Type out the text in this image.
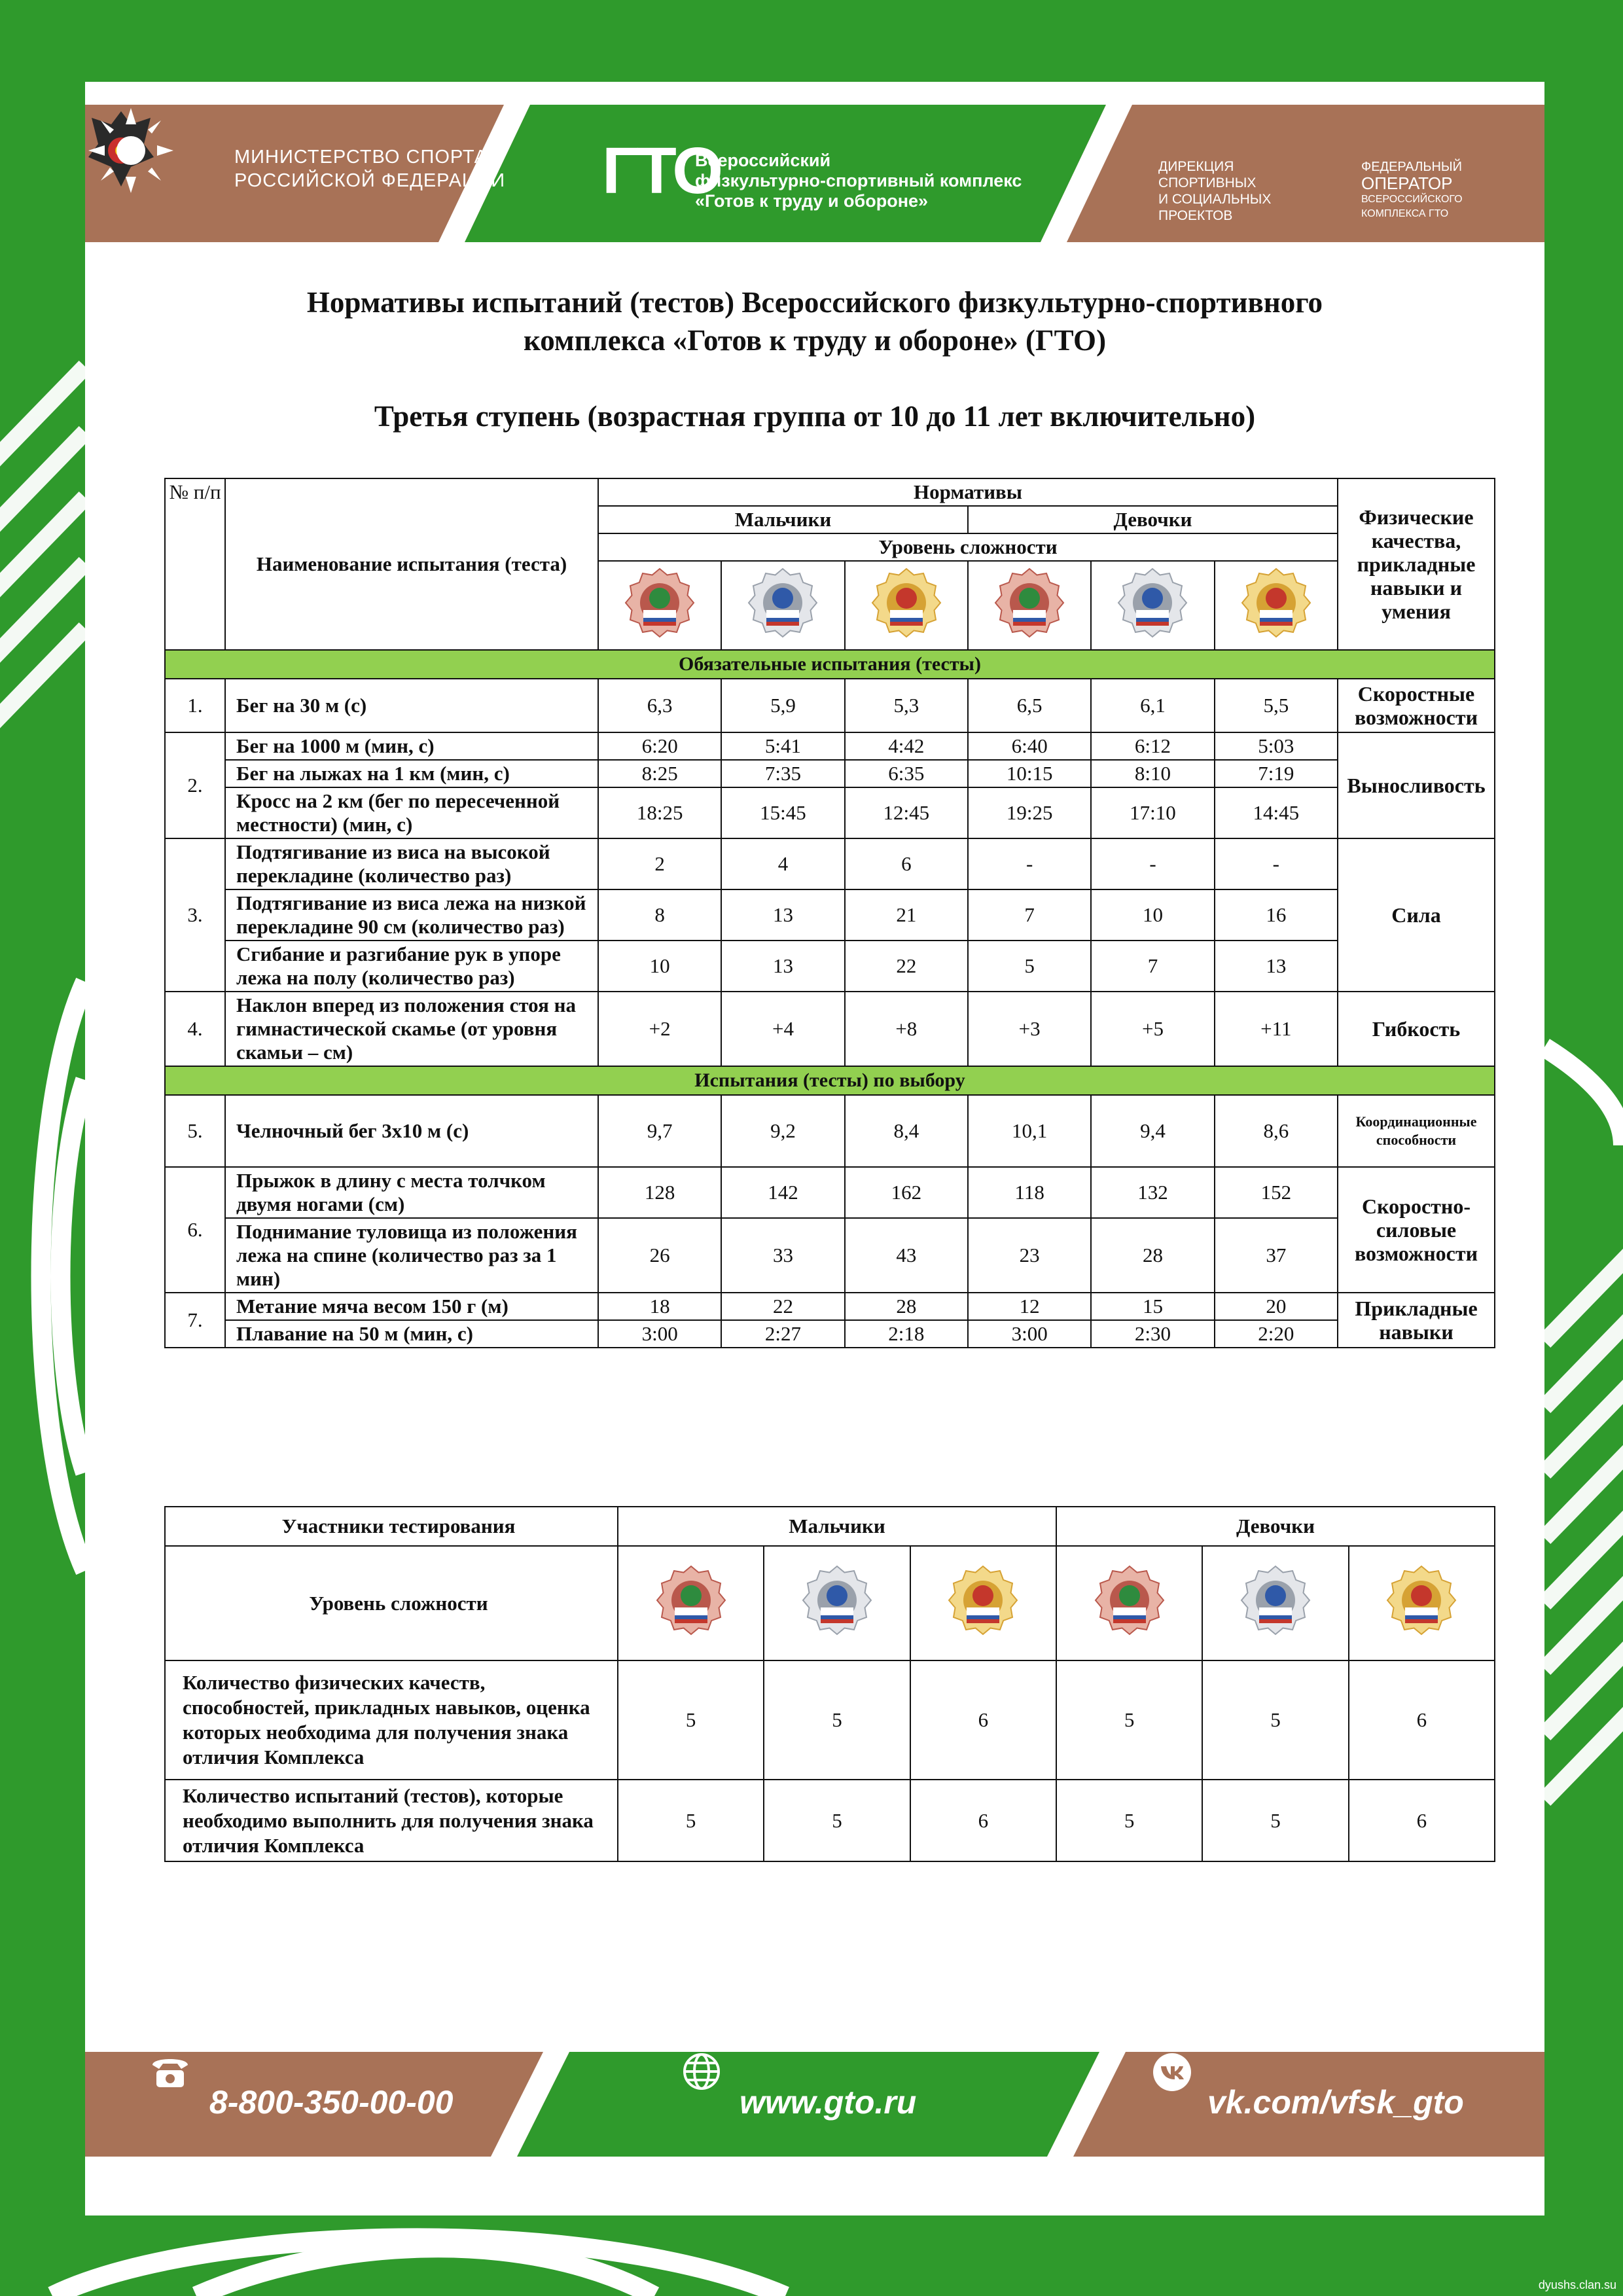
МИНИСТЕРСТВО СПОРТА
РОССИЙСКОЙ ФЕДЕРАЦИИ ГТО
Всероссийский
физкультурно-спортивный комплекс
«Готов к труду и обороне»
ДИРЕКЦИЯ
СПОРТИВНЫХ
И СОЦИАЛЬНЫХ
ПРОЕКТОВ
ФЕДЕРАЛЬНЫЙ
ОПЕРАТОР
ВСЕРОССИЙСКОГО
КОМПЛЕКСА ГТО
Нормативы испытаний (тестов) Всероссийского физкультурно-спортивного
комплекса «Готов к труду и обороне» (ГТО)
Третья ступень (возрастная группа от 10 до 11 лет включительно)
№ п/п	Наименование испытания (теста)	Нормативы						Физические качества, прикладные навыки и умения
		Мальчики			Девочки			
		Уровень сложности						

Обязательные испытания (тесты)								
1.	Бег на 30 м (с)	6,3	5,9	5,3	6,5	6,1	5,5	Скоростные возможности
2.	Бег на 1000 м (мин, с)	6:20	5:41	4:42	6:40	6:12	5:03	Выносливость
	Бег на лыжах на 1 км (мин, с)	8:25	7:35	6:35	10:15	8:10	7:19	
	Кросс на 2 км (бег по пересеченной местности) (мин, с)	18:25	15:45	12:45	19:25	17:10	14:45	
3.	Подтягивание из виса на высокой перекладине (количество раз)	2	4	6	-	-	-	Сила
	Подтягивание из виса лежа на низкой перекладине 90 см (количество раз)	8	13	21	7	10	16	
	Сгибание и разгибание рук в упоре лежа на полу (количество раз)	10	13	22	5	7	13	
4.	Наклон вперед из положения стоя на гимнастической скамье (от уровня скамьи – см)	+2	+4	+8	+3	+5	+11	Гибкость
Испытания (тесты) по выбору								
5.	Челночный бег 3х10 м (с)	9,7	9,2	8,4	10,1	9,4	8,6	Координационные способности
6.	Прыжок в длину с места толчком двумя ногами (см)	128	142	162	118	132	152	Скоростно-силовые возможности
	Поднимание туловища из положения лежа на спине (количество раз за 1 мин)	26	33	43	23	28	37	
7.	Метание мяча весом 150 г (м)	18	22	28	12	15	20	Прикладные навыки
	Плавание на 50 м (мин, с)	3:00	2:27	2:18	3:00	2:30	2:20	
Участники тестирования	Мальчики			Девочки		
Уровень сложности						
Количество физических качеств, способностей, прикладных навыков, оценка которых необходима для получения знака отличия Комплекса	5	5	6	5	5	6
Количество испытаний (тестов), которые необходимо выполнить для получения знака отличия Комплекса	5	5	6	5	5	6
8-800-350-00-00	www.gto.ru	vk.com/vfsk_gto
dyushs.clan.su
